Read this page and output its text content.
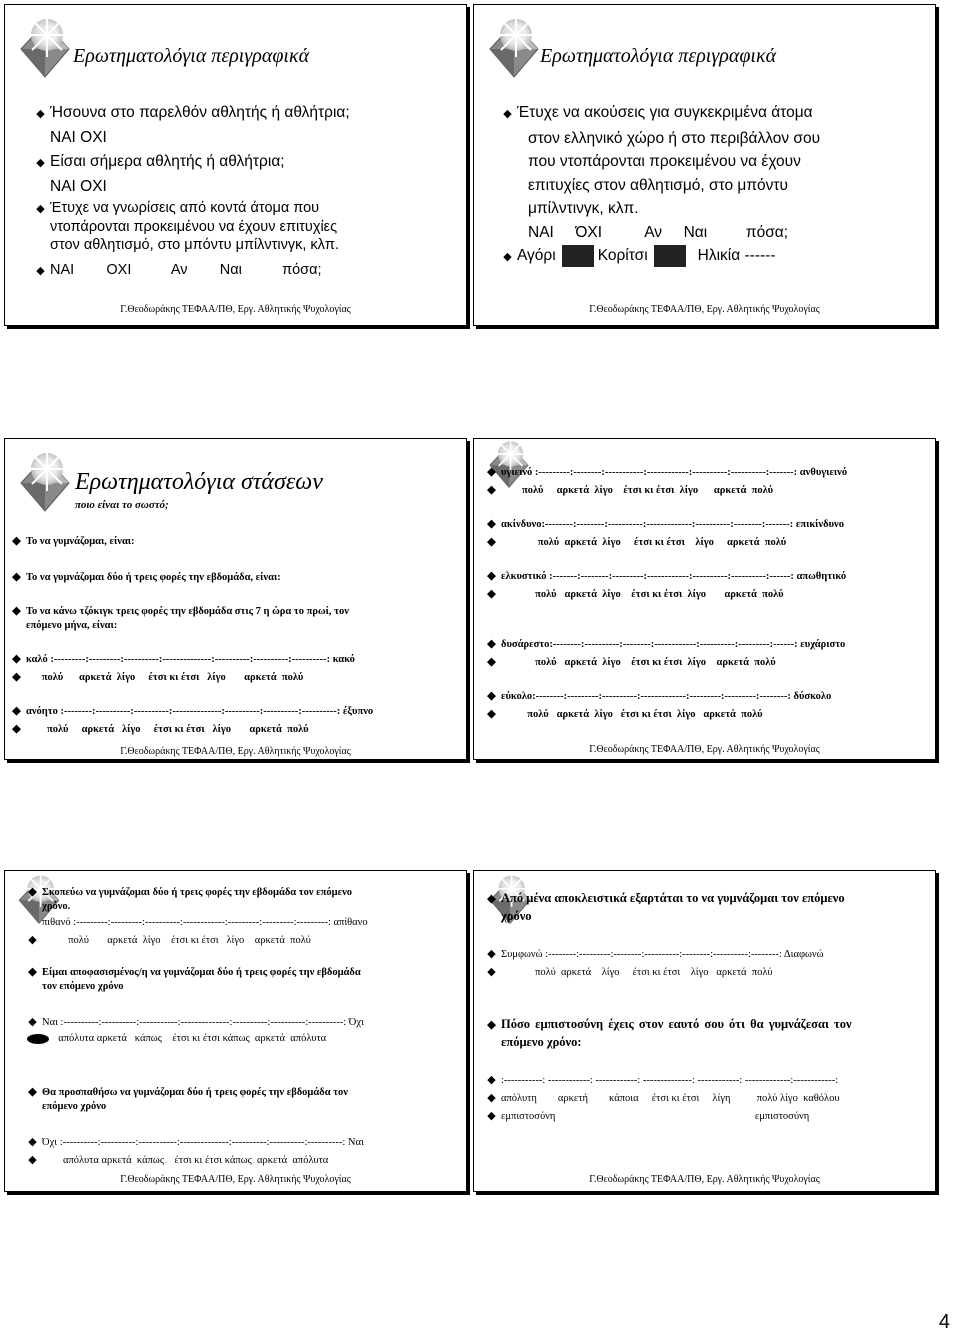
Ερωτηματολόγια περιγραφικά
◆ Ήσουνα στο παρελθόν αθλητής ή αθλήτρια;
ΝΑΙ ΟΧΙ
◆ Είσαι σήμερα αθλητής ή αθλήτρια;
ΝΑΙ ΟΧΙ
◆ Έτυχε να γνωρίσεις από κοντά άτομα που
ντοπάρονται προκειμένου να έχουν επιτυχίες
στον αθλητισμό, στο μπόντυ μπίλντινγκ, κλπ.
◆ ΝΑΙ        ΟΧΙ          Αν        Ναι          πόσα;
Γ.Θεοδωράκης ΤΕΦΑΑ/ΠΘ, Εργ. Αθλητικής Ψυχολογίας
Ερωτηματολόγια περιγραφικά
◆ Έτυχε να ακούσεις για συγκεκριμένα άτομα
στον ελληνικό χώρο ή στο περιβάλλον σου
που ντοπάρονται προκειμένου να έχουν
επιτυχίες στον αθλητισμό, στο μπόντυ
μπίλντινγκ, κλπ.
ΝΑΙ     ΌΧΙ          Αν     Ναι         πόσα;
◆ Αγόρι	Κορίτσι	Ηλικία ------
Γ.Θεοδωράκης ΤΕΦΑΑ/ΠΘ, Εργ. Αθλητικής Ψυχολογίας
Ερωτηματολόγια στάσεων
ποιο είναι το σωστό;
◆ Το να γυμνάζομαι, είναι:
◆ Το να γυμνάζομαι δύο ή τρεις φορές την εβδομάδα, είναι:
◆ Το να κάνω τζόκιγκ τρεις φορές την εβδομάδα στις 7 η ώρα το πρωί, τον
επόμενο μήνα, είναι:
◆ καλό :---------:---------:----------:--------------:----------:----------:----------: κακό
◆ πολύ      αρκετά  λίγο     έτσι κι έτσι   λίγο       αρκετά  πολύ
◆ ανόητο :--------:----------:----------:--------------:----------:----------:----------: έξυπνο
◆	πολύ     αρκετά   λίγο     έτσι κι έτσι   λίγο       αρκετά  πολύ
Γ.Θεοδωράκης ΤΕΦΑΑ/ΠΘ, Εργ. Αθλητικής Ψυχολογίας
◆ υγιεινό :---------:--------:-----------:------------:----------:----------:-------: ανθυγιεινό
◆	πολύ     αρκετά  λίγο    έτσι κι έτσι  λίγο      αρκετά  πολύ
◆ ακίνδυνο:--------:--------:----------:-------------:----------:--------:-------: επικίνδυνο
◆	πολύ  αρκετά  λίγο     έτσι κι έτσι    λίγο     αρκετά  πολύ
◆ ελκυστικό :-------:--------:---------:------------:----------:----------:------: απωθητικό
◆	πολύ   αρκετά  λίγο    έτσι κι έτσι  λίγο       αρκετά  πολύ
◆ δυσάρεστο:--------:----------:--------:------------:----------:---------:------: ευχάριστο
◆	πολύ   αρκετά  λίγο    έτσι κι έτσι  λίγο    αρκετά  πολύ
◆ εύκολο:--------:---------:----------:-------------:---------:---------:--------: δύσκολο
◆	πολύ   αρκετά  λίγο   έτσι κι έτσι  λίγο   αρκετά  πολύ
Γ.Θεοδωράκης ΤΕΦΑΑ/ΠΘ, Εργ. Αθλητικής Ψυχολογίας
◆ Σκοπεύω να γυμνάζομαι δύο ή τρεις φορές την εβδομάδα τον επόμενο
χρόνο.
πιθανό :---------:---------:----------:------------:---------:---------:---------: απίθανο
◆	πολύ       αρκετά  λίγο    έτσι κι έτσι   λίγο    αρκετά  πολύ
◆ Είμαι αποφασισμένος/η να γυμνάζομαι δύο ή τρεις φορές την εβδομάδα
τον επόμενο χρόνο
◆ Ναι :----------:----------:-----------:--------------:----------:----------:----------: Όχι
απόλυτα αρκετά   κάπως    έτσι κι έτσι κάπως  αρκετά  απόλυτα
◆ Θα προσπαθήσω να γυμνάζομαι δύο ή τρεις φορές την εβδομάδα τον
επόμενο χρόνο
◆ Όχι :----------:----------:-----------:--------------:----------:----------:----------: Ναι
◆	απόλυτα αρκετά  κάπως    έτσι κι έτσι κάπως  αρκετά  απόλυτα
Γ.Θεοδωράκης ΤΕΦΑΑ/ΠΘ, Εργ. Αθλητικής Ψυχολογίας
◆ Από μένα αποκλειστικά εξαρτάται το να γυμνάζομαι τον επόμενο
χρόνο
◆ Συμφωνώ :--------:---------:--------:----------:--------:----------:--------: Διαφωνώ
◆	πολύ  αρκετά    λίγο     έτσι κι έτσι    λίγο   αρκετά  πολύ
◆ Πόσο εμπιστοσύνη έχεις στον εαυτό σου ότι θα γυμνάζεσαι τον
επόμενο χρόνο:
◆ :-----------: ------------: ------------: --------------: ------------: -------------:------------:
◆ απόλυτη        αρκετή        κάποια     έτσι κι έτσι     λίγη          πολύ λίγο  καθόλου
◆ εμπιστοσύνη                                                                            εμπιστοσύνη
Γ.Θεοδωράκης ΤΕΦΑΑ/ΠΘ, Εργ. Αθλητικής Ψυχολογίας
4
